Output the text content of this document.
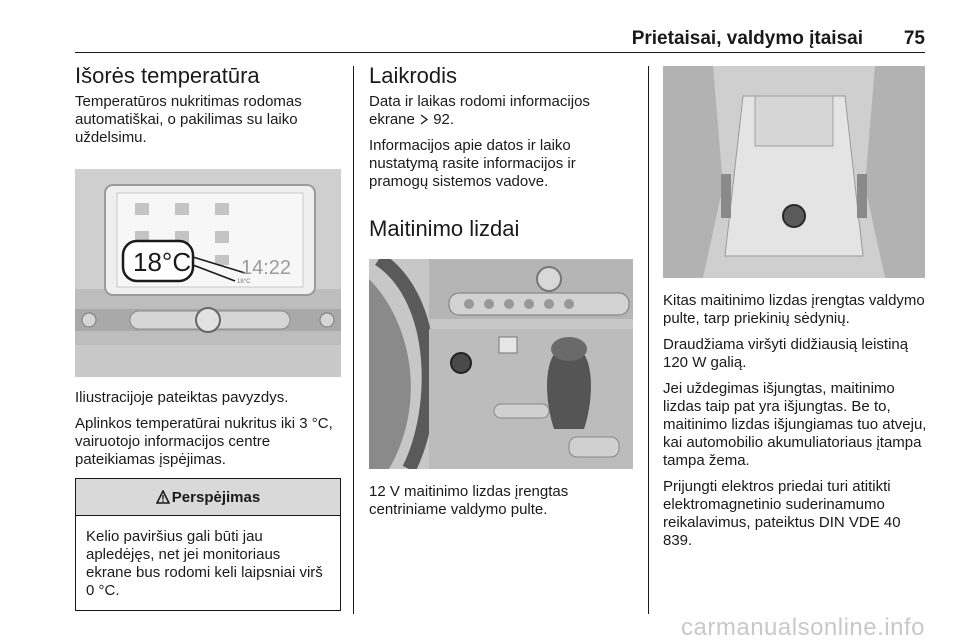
Prietaisai, valdymo įtaisai 75
Išorės temperatūra

Temperatūros nukritimas rodomas automatiškai, o pakilimas su laiko uždelsimu.

18°C 14:22
18°C

Iliustracijoje pateiktas pavyzdys.

Aplinkos temperatūrai nukritus iki 3 °C, vairuotojo informacijos centre pateikiamas įspėjimas.

Perspėjimas

Kelio paviršius gali būti jau apledėjęs, net jei monitoriaus ekrane bus rodomi keli laipsniai virš 0 °C.

Laikrodis

Data ir laikas rodomi informacijos ekrane 92.

Informacijos apie datos ir laiko nustatymą rasite informacijos ir pramogų sistemos vadove.

Maitinimo lizdai

12 V maitinimo lizdas įrengtas centriniame valdymo pulte.

Kitas maitinimo lizdas įrengtas valdymo pulte, tarp priekinių sėdynių.

Draudžiama viršyti didžiausią leistiną 120 W galią.

Jei uždegimas išjungtas, maitinimo lizdas taip pat yra išjungtas. Be to, maitinimo lizdas išjungiamas tuo atveju, kai automobilio akumuliatoriaus įtampa tampa žema.

Prijungti elektros priedai turi atitikti elektromagnetinio suderinamumo reikalavimus, pateiktus DIN VDE 40 839.

carmanualsonline.info
